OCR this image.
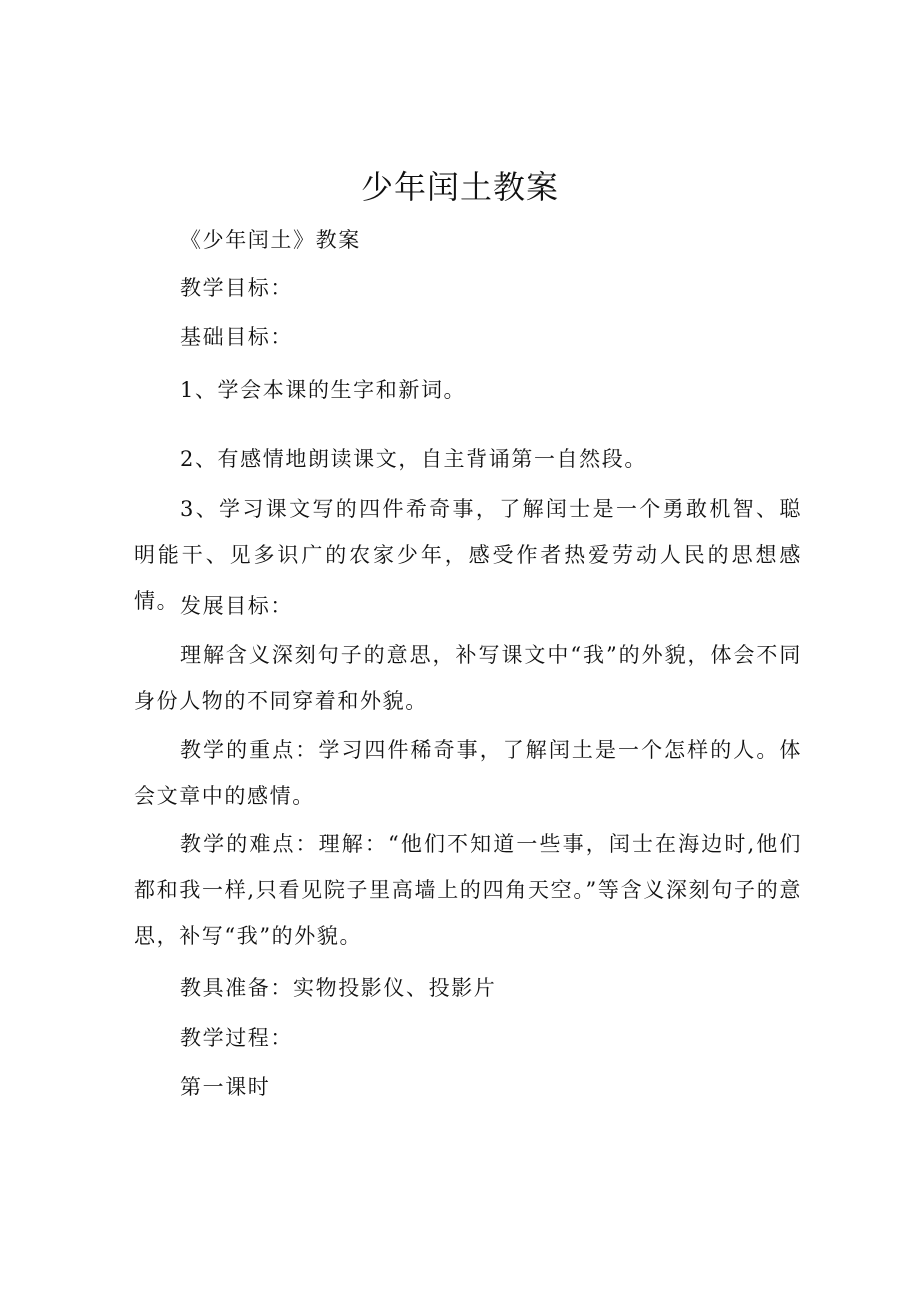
少年闰土教案

《少年闰土》教案

教学目标：

基础目标：

1、学会本课的生字和新词。

2、有感情地朗读课文，自主背诵第一自然段。

3、学习课文写的四件希奇事，了解闰士是一个勇敢机智、聪明能干、见多识广的农家少年，感受作者热爱劳动人民的思想感情。 发展目标：

理解含义深刻句子的意思，补写课文中“我”的外貌，体会不同身份人物的不同穿着和外貌。

教学的重点：学习四件稀奇事，了解闰土是一个怎样的人。体会文章中的感情。

教学的难点：理解：“他们不知道一些事，闰士在海边时,他们都和我一样,只看见院子里高墙上的四角天空。”等含义深刻句子的意思，补写“我”的外貌。

教具准备：实物投影仪、投影片

教学过程：

第一课时
